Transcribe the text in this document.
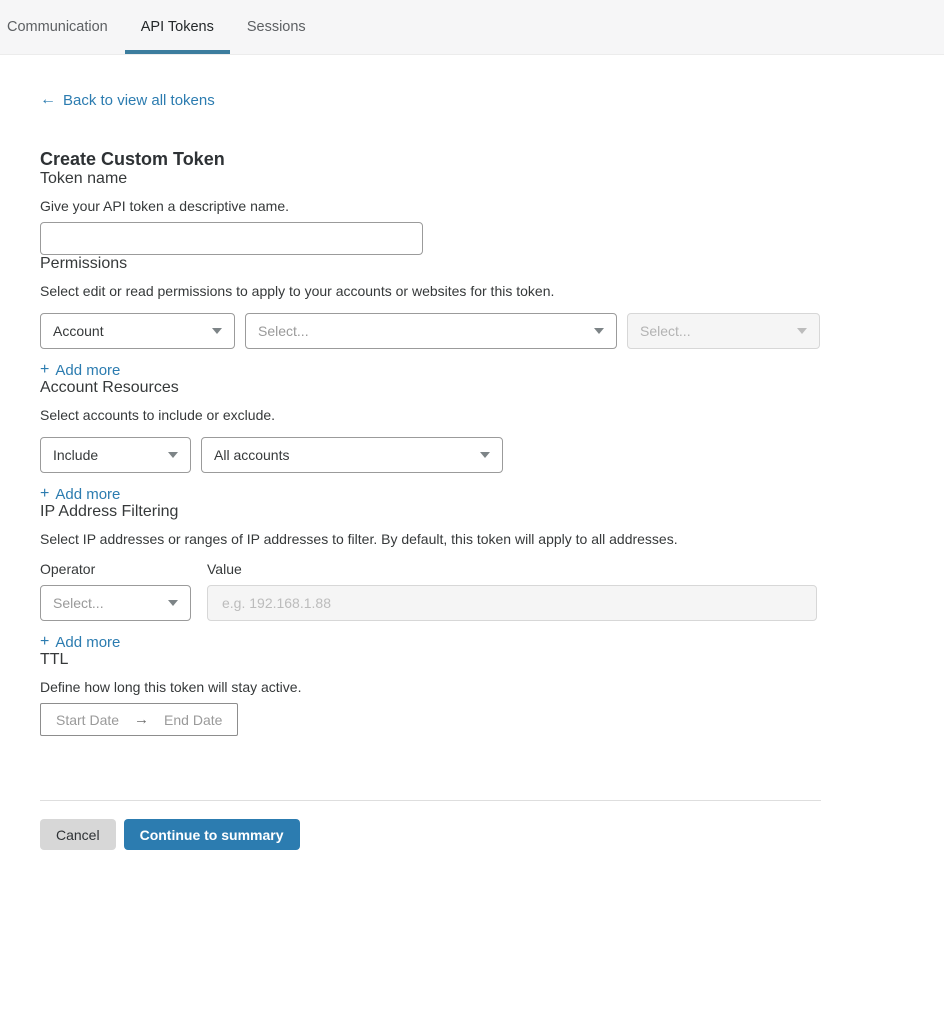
Communication API Tokens Sessions
← Back to view all tokens
Create Custom Token
Token name

Give your API token a descriptive name.

Permissions

Select edit or read permissions to apply to your accounts or websites for this token.

Account	Select...	Select...
+ Add more
Account Resources

Select accounts to include or exclude.

Include	All accounts
+ Add more
IP Address Filtering

Select IP addresses or ranges of IP addresses to filter. By default, this token will apply to all addresses.

Operator	Value
Select...
e.g. 192.168.1.88
+ Add more
TTL

Define how long this token will stay active.

Start Date → End Date
Cancel	Continue to summary
